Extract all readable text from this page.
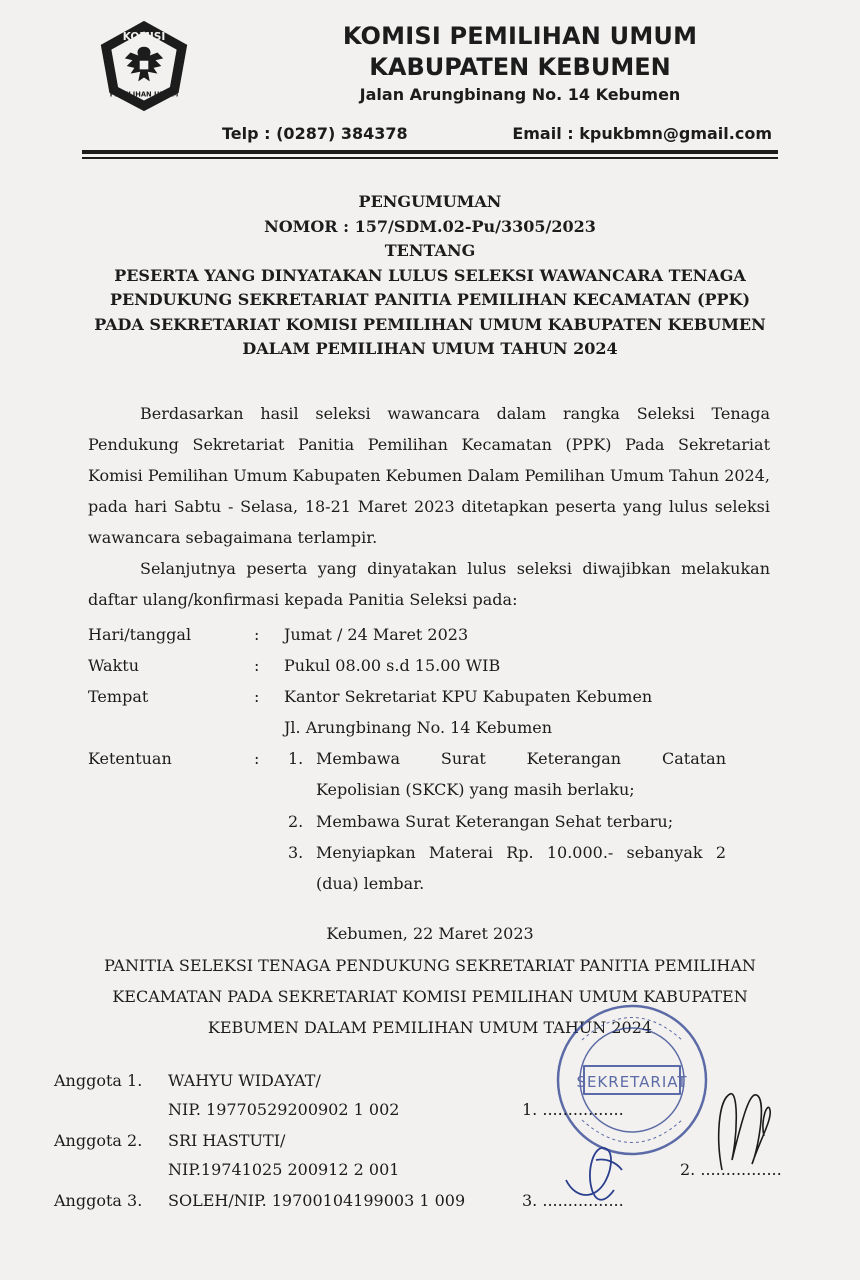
KOMISI
PEMILIHAN UMUM
KOMISI PEMILIHAN UMUM
KABUPATEN KEBUMEN
Jalan Arungbinang No. 14 Kebumen
Telp : (0287) 384378	Email : kpukbmn@gmail.com
PENGUMUMAN
NOMOR : 157/SDM.02-Pu/3305/2023
TENTANG
PESERTA YANG DINYATAKAN LULUS SELEKSI WAWANCARA TENAGA
PENDUKUNG SEKRETARIAT PANITIA PEMILIHAN KECAMATAN (PPK)
PADA SEKRETARIAT KOMISI PEMILIHAN UMUM KABUPATEN KEBUMEN
DALAM PEMILIHAN UMUM TAHUN 2024
Berdasarkan hasil seleksi wawancara dalam rangka Seleksi Tenaga Pendukung Sekretariat Panitia Pemilihan Kecamatan (PPK) Pada Sekretariat Komisi Pemilihan Umum Kabupaten Kebumen Dalam Pemilihan Umum Tahun 2024, pada hari Sabtu - Selasa, 18-21 Maret 2023 ditetapkan peserta yang lulus seleksi wawancara sebagaimana terlampir.
Selanjutnya peserta yang dinyatakan lulus seleksi diwajibkan melakukan daftar ulang/konfirmasi kepada Panitia Seleksi pada:
Hari/tanggal	: Jumat / 24 Maret 2023
Waktu	: Pukul 08.00 s.d 15.00 WIB
Tempat	: Kantor Sekretariat KPU Kabupaten Kebumen
Jl. Arungbinang No. 14 Kebumen
Ketentuan	: 1. Membawa Surat Keterangan Catatan
Kepolisian (SKCK) yang masih berlaku;
2. Membawa Surat Keterangan Sehat terbaru;
3. Menyiapkan Materai Rp. 10.000.- sebanyak 2
(dua) lembar.
Kebumen, 22 Maret 2023
PANITIA SELEKSI TENAGA PENDUKUNG SEKRETARIAT PANITIA PEMILIHAN
KECAMATAN PADA SEKRETARIAT KOMISI PEMILIHAN UMUM KABUPATEN
KEBUMEN DALAM PEMILIHAN UMUM TAHUN 2024
SEKRETARIAT
Anggota 1. WAHYU WIDAYAT/
NIP. 19770529200902 1 002	1. ................
Anggota 2. SRI HASTUTI/
NIP.19741025 200912 2 001	2. ................
Anggota 3. SOLEH/NIP. 19700104199003 1 009	3. ................
